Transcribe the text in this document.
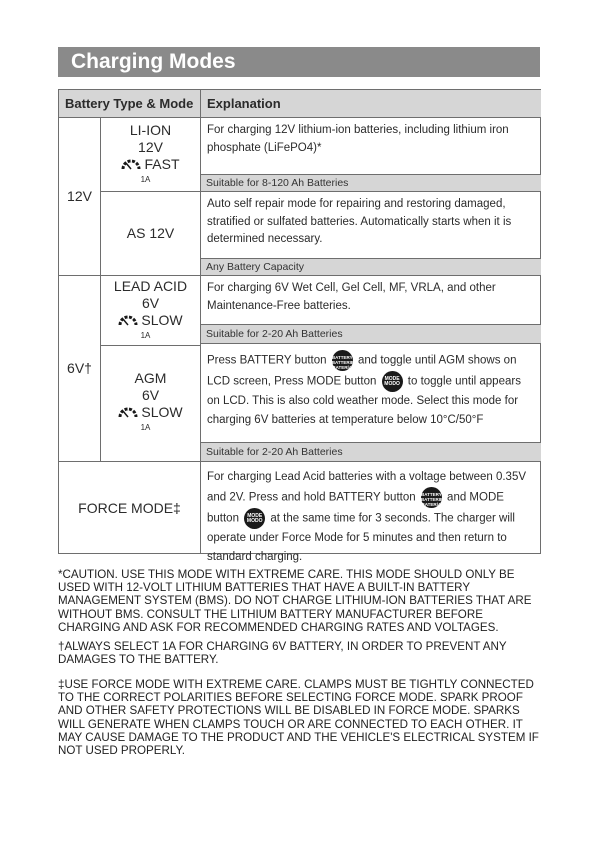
Charging Modes
Battery Type & Mode	Explanation
12V
6V†
LI-ION
12V
FAST
1A
For charging 12V lithium-ion batteries, including lithium iron phosphate (LiFePO4)*
Suitable for 8-120 Ah Batteries
AS 12V
Auto self repair mode for repairing and restoring damaged, stratified or sulfated batteries. Automatically starts when it is determined necessary.
Any Battery Capacity
LEAD ACID
6V
SLOW
1A
For charging 6V Wet Cell, Gel Cell, MF, VRLA, and other Maintenance-Free batteries.
Suitable for 2-20 Ah Batteries
AGM
6V
SLOW
1A
Press BATTERY button BATTERY
BATTERIE
BATERÍA and toggle until AGM shows on LCD screen, Press MODE button MODE
MODO to toggle until appears on LCD. This is also cold weather mode. Select this mode for charging 6V batteries at temperature below 10°C/50°F
Suitable for 2-20 Ah Batteries
FORCE MODE‡
For charging Lead Acid batteries with a voltage between 0.35V and 2V. Press and hold BATTERY button BATTERY
BATTERIE
BATERÍA and MODE button MODE
MODO at the same time for 3 seconds. The charger will operate under Force Mode for 5 minutes and then return to standard charging.
*CAUTION. USE THIS MODE WITH EXTREME CARE. THIS MODE SHOULD ONLY BE USED WITH 12-VOLT LITHIUM BATTERIES THAT HAVE A BUILT-IN BATTERY MANAGEMENT SYSTEM (BMS). DO NOT CHARGE LITHIUM-ION BATTERIES THAT ARE WITHOUT BMS. CONSULT THE LITHIUM BATTERY MANUFACTURER BEFORE CHARGING AND ASK FOR RECOMMENDED CHARGING RATES AND VOLTAGES.
†ALWAYS SELECT 1A FOR CHARGING 6V BATTERY, IN ORDER TO PREVENT ANY DAMAGES TO THE BATTERY.
‡USE FORCE MODE WITH EXTREME CARE. CLAMPS MUST BE TIGHTLY CONNECTED TO THE CORRECT POLARITIES BEFORE SELECTING FORCE MODE. SPARK PROOF AND OTHER SAFETY PROTECTIONS WILL BE DISABLED IN FORCE MODE. SPARKS WILL GENERATE WHEN CLAMPS TOUCH OR ARE CONNECTED TO EACH OTHER. IT MAY CAUSE DAMAGE TO THE PRODUCT AND THE VEHICLE'S ELECTRICAL SYSTEM IF NOT USED PROPERLY.
